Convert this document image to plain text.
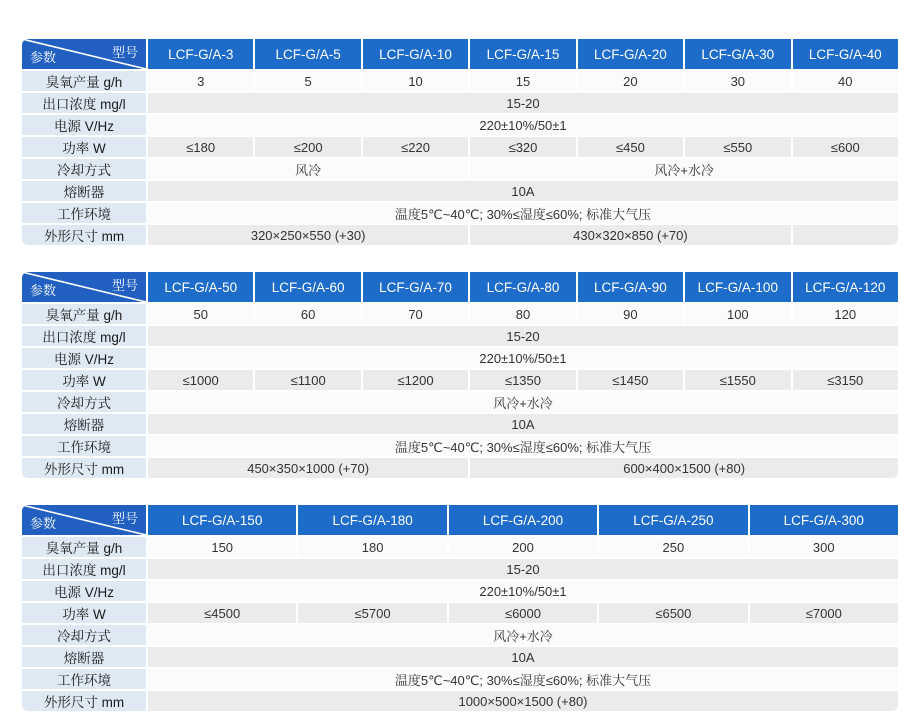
型号
参数	LCF-G/A-3	LCF-G/A-5	LCF-G/A-10	LCF-G/A-15	LCF-G/A-20	LCF-G/A-30	LCF-G/A-40
臭氧产量 g/h	3	5	10	15	20	30	40
出口浓度 mg/l	15-20						
电源 V/Hz	220±10%/50±1						
功率 W	≤180	≤200	≤220	≤320	≤450	≤550	≤600
冷却方式	风冷			风冷+水冷			
熔断器	10A						
工作环境	温度5℃~40℃; 30%≤湿度≤60%; 标准大气压						
外形尺寸 mm	320×250×550 (+30)			430×320×850 (+70)			
型号
参数	LCF-G/A-50	LCF-G/A-60	LCF-G/A-70	LCF-G/A-80	LCF-G/A-90	LCF-G/A-100	LCF-G/A-120
臭氧产量 g/h	50	60	70	80	90	100	120
出口浓度 mg/l	15-20						
电源 V/Hz	220±10%/50±1						
功率 W	≤1000	≤1100	≤1200	≤1350	≤1450	≤1550	≤3150
冷却方式	风冷+水冷						
熔断器	10A						
工作环境	温度5℃~40℃; 30%≤湿度≤60%; 标准大气压						
外形尺寸 mm	450×350×1000 (+70)			600×400×1500 (+80)			
型号
参数	LCF-G/A-150	LCF-G/A-180	LCF-G/A-200	LCF-G/A-250	LCF-G/A-300
臭氧产量 g/h	150	180	200	250	300
出口浓度 mg/l	15-20				
电源 V/Hz	220±10%/50±1				
功率 W	≤4500	≤5700	≤6000	≤6500	≤7000
冷却方式	风冷+水冷				
熔断器	10A				
工作环境	温度5℃~40℃; 30%≤湿度≤60%; 标准大气压				
外形尺寸 mm	1000×500×1500 (+80)				
